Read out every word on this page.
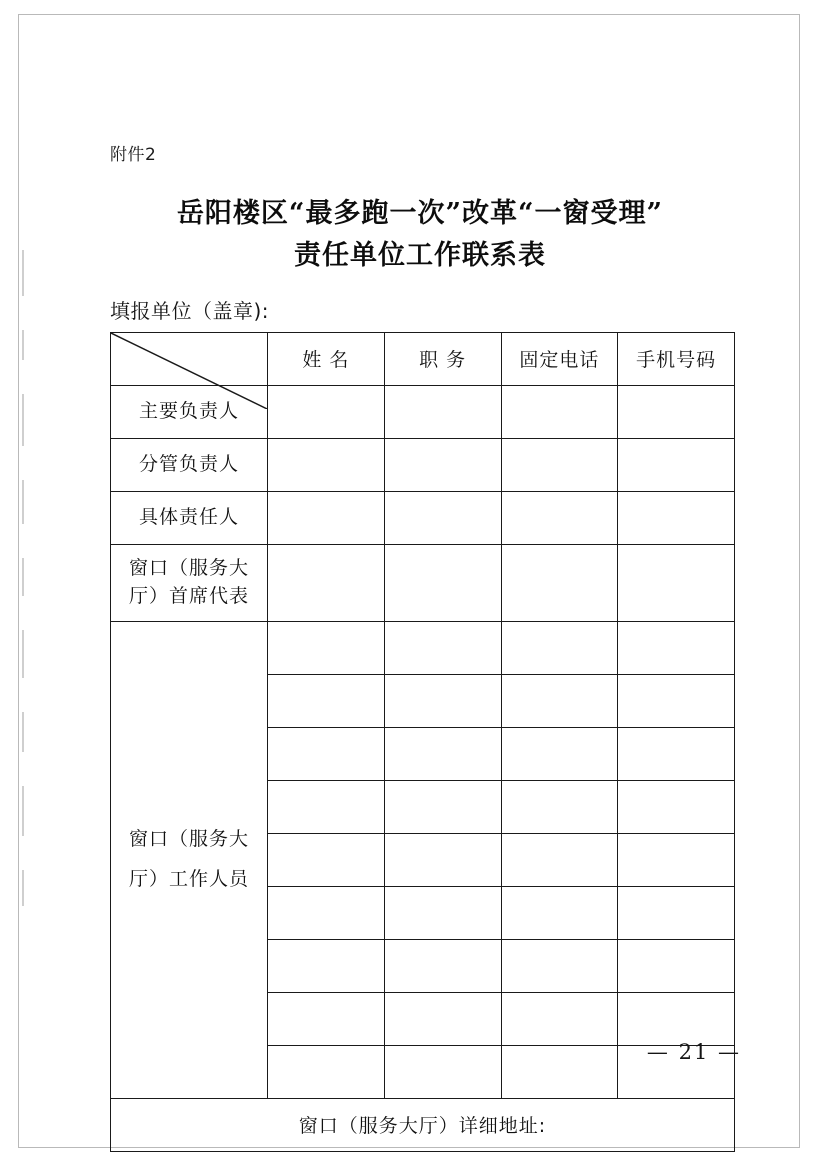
附件2
岳阳楼区“最多跑一次”改革“一窗受理”
责任单位工作联系表
填报单位（盖章):
	姓 名	职 务	固定电话	手机号码
主要负责人				
分管负责人				
具体责任人				
窗口（服务大厅）首席代表				

窗口（服务大
厅）工作人员				

窗口（服务大厅）详细地址:				
— 21 —
